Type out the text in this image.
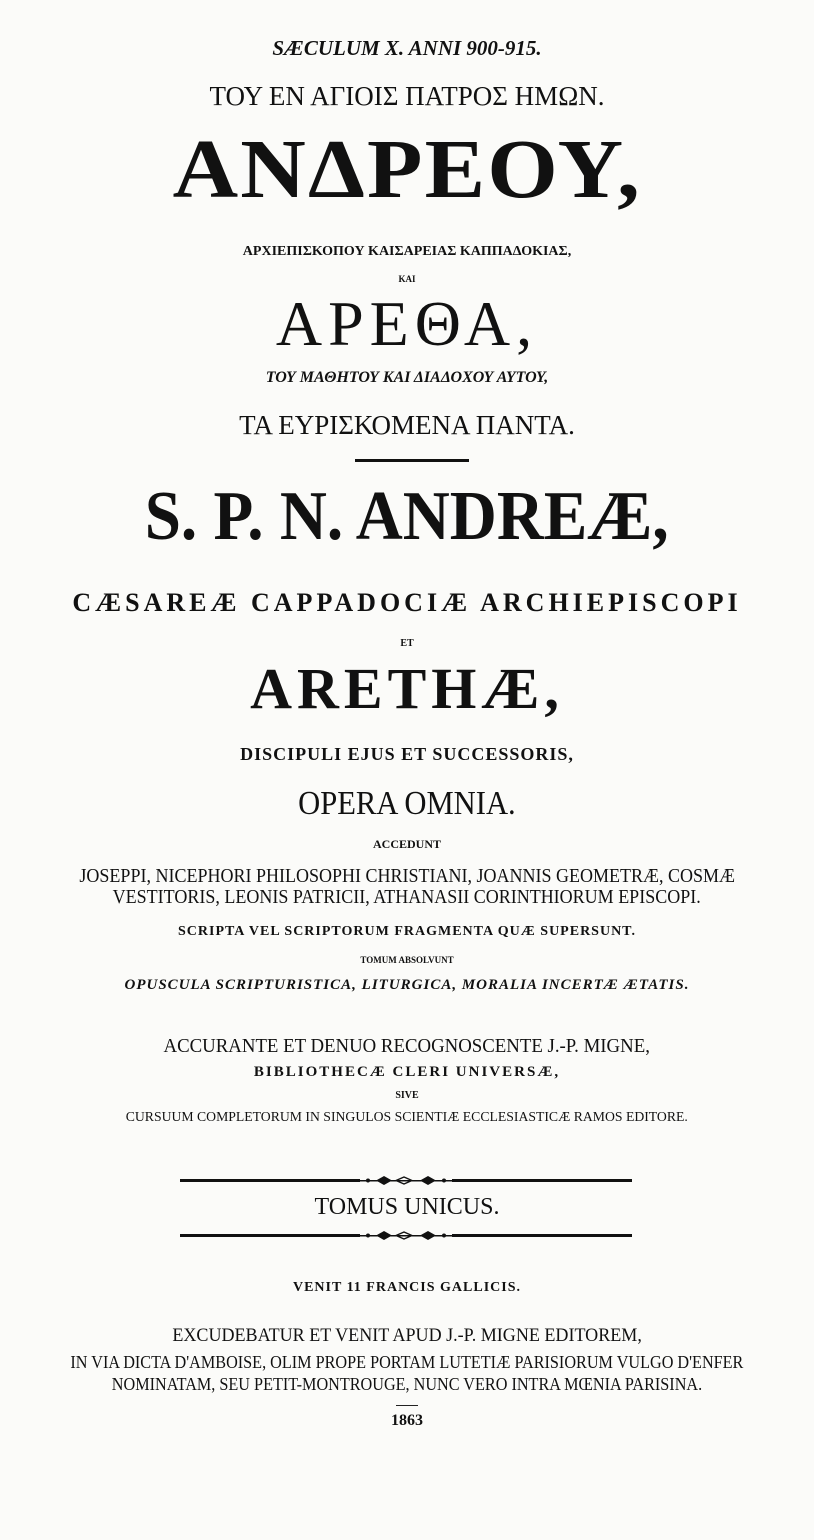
SÆCULUM X. ANNI 900-915.

ΤΟΥ ΕΝ ΑΓΙΟΙΣ ΠΑΤΡΟΣ ΗΜΩΝ.

ΑΝΔΡΕΟΥ,

ΑΡΧΙΕΠΙΣΚΟΠΟΥ ΚΑΙΣΑΡΕΙΑΣ ΚΑΠΠΑΔΟΚΙΑΣ,

ΚΑΙ

ΑΡΕΘΑ,

ΤΟΥ ΜΑΘΗΤΟΥ ΚΑΙ ΔΙΑΔΟΧΟΥ ΑΥΤΟΥ,

ΤΑ ΕΥΡΙΣΚΟΜΕΝΑ ΠΑΝΤΑ.

S. P. N. ANDREÆ,

CÆSAREÆ CAPPADOCIÆ ARCHIEPISCOPI

ET

ARETHÆ,

DISCIPULI EJUS ET SUCCESSORIS,

OPERA OMNIA.

ACCEDUNT

JOSEPPI, NICEPHORI PHILOSOPHI CHRISTIANI, JOANNIS GEOMETRÆ, COSMÆ

VESTITORIS, LEONIS PATRICII, ATHANASII CORINTHIORUM EPISCOPI.

SCRIPTA VEL SCRIPTORUM FRAGMENTA QUÆ SUPERSUNT.

TOMUM ABSOLVUNT

OPUSCULA SCRIPTURISTICA, LITURGICA, MORALIA INCERTÆ ÆTATIS.

ACCURANTE ET DENUO RECOGNOSCENTE J.-P. MIGNE,

BIBLIOTHECÆ CLERI UNIVERSÆ,

SIVE

CURSUUM COMPLETORUM IN SINGULOS SCIENTIÆ ECCLESIASTICÆ RAMOS EDITORE.

TOMUS UNICUS.

VENIT 11 FRANCIS GALLICIS.

EXCUDEBATUR ET VENIT APUD J.-P. MIGNE EDITOREM,

IN VIA DICTA D'AMBOISE, OLIM PROPE PORTAM LUTETIÆ PARISIORUM VULGO D'ENFER

NOMINATAM, SEU PETIT-MONTROUGE, NUNC VERO INTRA MŒNIA PARISINA.

1863
